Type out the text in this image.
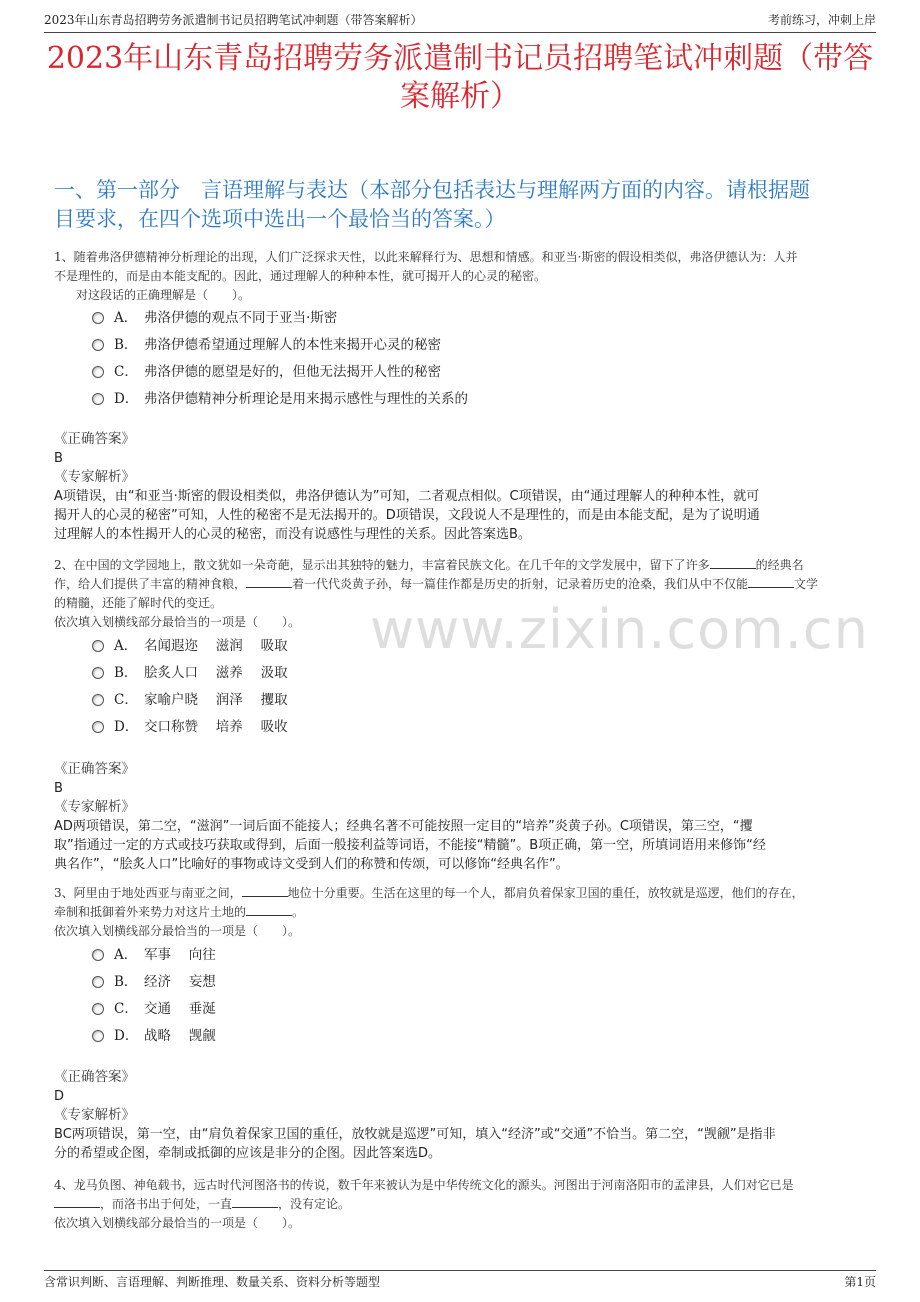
2023年山东青岛招聘劳务派遣制书记员招聘笔试冲刺题（带答案解析）	考前练习，冲刺上岸
2023年山东青岛招聘劳务派遣制书记员招聘笔试冲刺题（带答
案解析）
一、第一部分　言语理解与表达（本部分包括表达与理解两方面的内容。请根据题
目要求，在四个选项中选出一个最恰当的答案。）
1、随着弗洛伊德精神分析理论的出现，人们广泛探求天性，以此来解释行为、思想和情感。和亚当·斯密的假设相类似，弗洛伊德认为：人并
不是理性的，而是由本能支配的。因此，通过理解人的种种本性，就可揭开人的心灵的秘密。
对这段话的正确理解是（　　）。
A． 弗洛伊德的观点不同于亚当·斯密
B． 弗洛伊德希望通过理解人的本性来揭开心灵的秘密
C． 弗洛伊德的愿望是好的，但他无法揭开人性的秘密
D． 弗洛伊德精神分析理论是用来揭示感性与理性的关系的
《正确答案》
B
《专家解析》
A项错误，由“和亚当·斯密的假设相类似，弗洛伊德认为”可知，二者观点相似。C项错误，由“通过理解人的种种本性，就可
揭开人的心灵的秘密”可知，人性的秘密不是无法揭开的。D项错误，文段说人不是理性的，而是由本能支配，是为了说明通
过理解人的本性揭开人的心灵的秘密，而没有说感性与理性的关系。因此答案选B。
www.zixin.com.cn
2、在中国的文学园地上，散文犹如一朵奇葩，显示出其独特的魅力，丰富着民族文化。在几千年的文学发展中，留下了许多	的经典名
作，给人们提供了丰富的精神食粮，	着一代代炎黄子孙，每一篇佳作都是历史的折射，记录着历史的沧桑，我们从中不仅能	文学
的精髓，还能了解时代的变迁。
依次填入划横线部分最恰当的一项是（　　）。
A． 名闻遐迩　 滋润　 吸取
B． 脍炙人口　 滋养　 汲取
C． 家喻户晓　 润泽　 攫取
D． 交口称赞　 培养　 吸收
《正确答案》
B
《专家解析》
AD两项错误，第二空，“滋润”一词后面不能接人；经典名著不可能按照一定目的“培养”炎黄子孙。C项错误，第三空，“攫
取”指通过一定的方式或技巧获取或得到，后面一般接利益等词语，不能接“精髓”。B项正确，第一空，所填词语用来修饰“经
典名作”，“脍炙人口”比喻好的事物或诗文受到人们的称赞和传颂，可以修饰“经典名作”。
3、阿里由于地处西亚与南亚之间，	地位十分重要。生活在这里的每一个人，都肩负着保家卫国的重任，放牧就是巡逻，他们的存在，
牵制和抵御着外来势力对这片土地的	。
依次填入划横线部分最恰当的一项是（　　）。
A． 军事　 向往
B． 经济　 妄想
C． 交通　 垂涎
D． 战略　 觊觎
《正确答案》
D
《专家解析》
BC两项错误，第一空，由“肩负着保家卫国的重任，放牧就是巡逻”可知，填入“经济”或“交通”不恰当。第二空，“觊觎”是指非
分的希望或企图，牵制或抵御的应该是非分的企图。因此答案选D。
4、龙马负图、神龟载书，远古时代河图洛书的传说，数千年来被认为是中华传统文化的源头。河图出于河南洛阳市的孟津县，人们对它已是
，而洛书出于何处，一直	，没有定论。
依次填入划横线部分最恰当的一项是（　　）。
含常识判断、言语理解、判断推理、数量关系、资料分析等题型	第1页
